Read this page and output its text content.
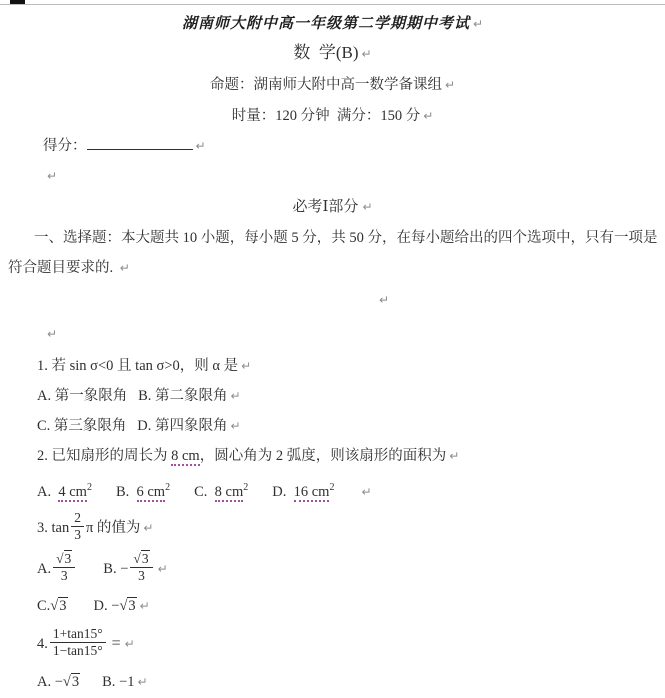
湖南师大附中高一年级第二学期期中考试 ↵
数  学(B) ↵
命题：湖南师大附中高一数学备课组 ↵
时量：120 分钟  满分：150 分 ↵
得分：	↵
↵
必考Ⅰ部分 ↵
一、选择题：本大题共 10 小题，每小题 5 分，共 50 分，在每小题给出的四个选项中，只有一项是符合题目要求的. ↵
↵
↵
1. 若 sin σ<0 且 tan σ>0，则 α 是 ↵
A. 第一象限角   B. 第二象限角 ↵
C. 第三象限角   D. 第四象限角 ↵
2. 已知扇形的周长为 8 cm，圆心角为 2 弧度，则该扇形的面积为 ↵
A.  4 $cm^2$ B.  6 $cm^2$ C.  8 $cm^2$ D.  16 $cm^2$ ↵
3. $\tan \frac{2}{3}$ π 的值为 ↵
A. $\frac{√3}{3} B$. − $\frac{√3}{3}$ ↵
C.√3 D. −√3 ↵
4. $\frac{1+\tan 15^\circ}{1-\tan 15^\circ}$ = ↵
A. −√3 B. −1 ↵
